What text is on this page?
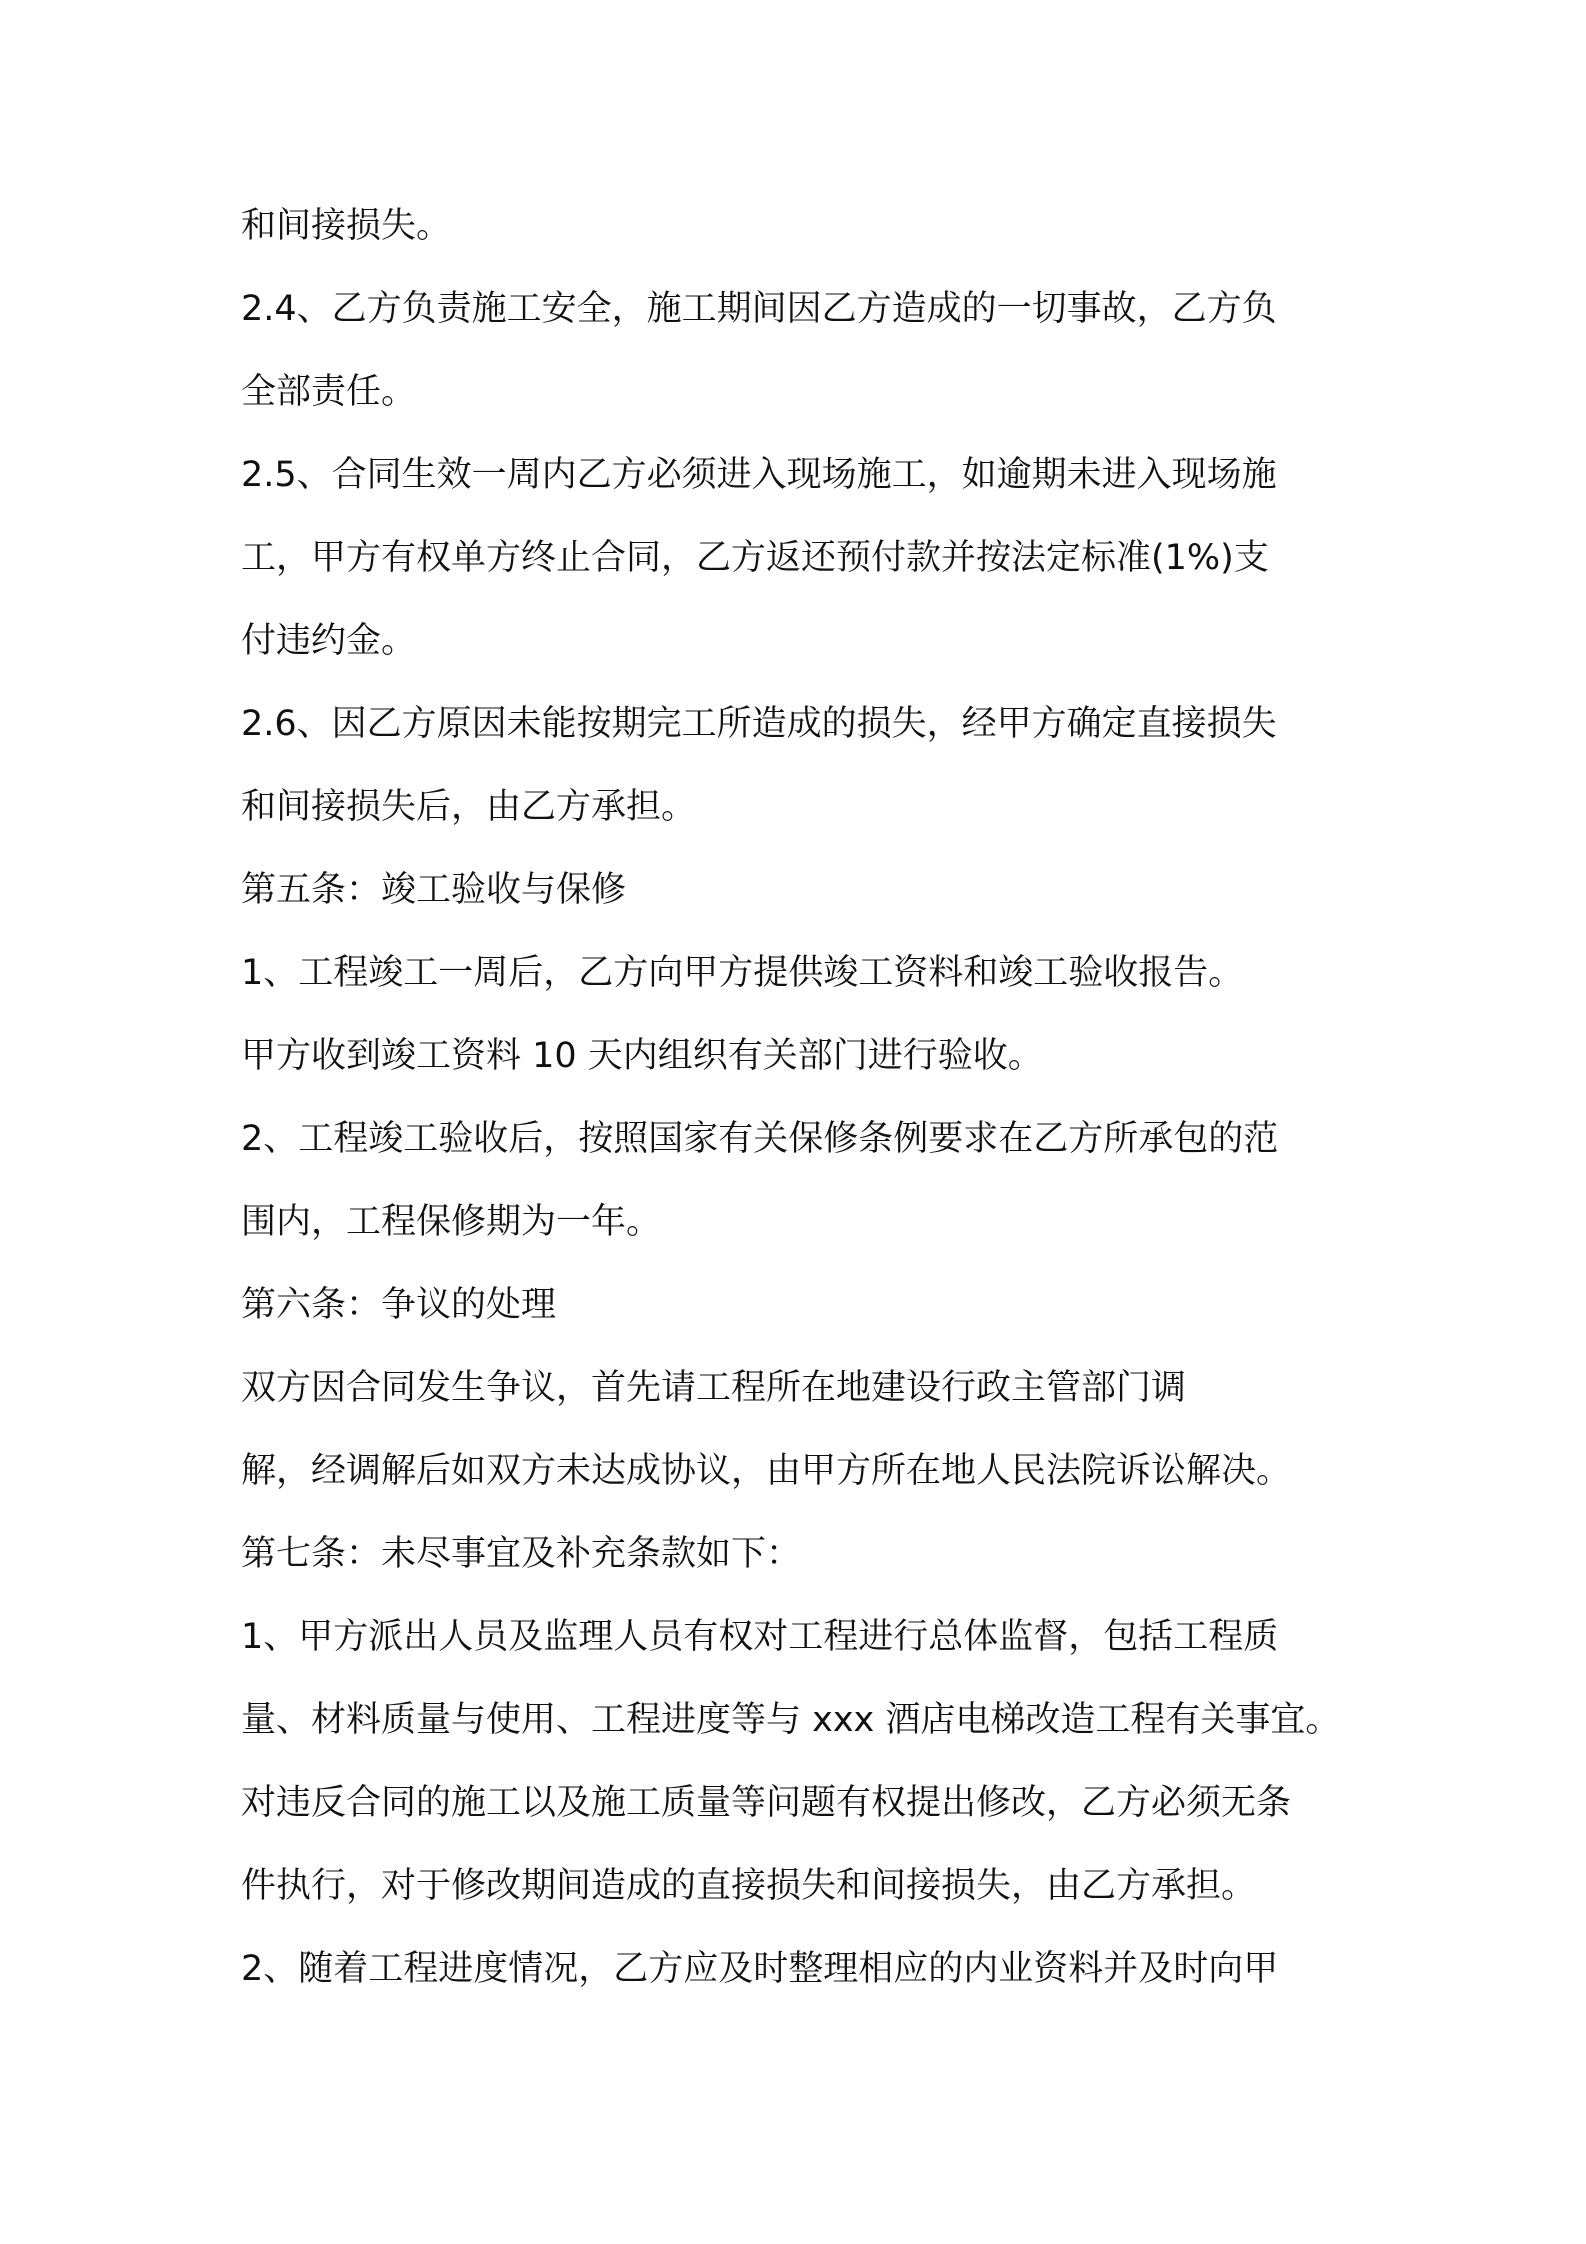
和间接损失。
2.4、乙方负责施工安全，施工期间因乙方造成的一切事故，乙方负
全部责任。
2.5、合同生效一周内乙方必须进入现场施工，如逾期未进入现场施
工，甲方有权单方终止合同，乙方返还预付款并按法定标准(1%)支
付违约金。
2.6、因乙方原因未能按期完工所造成的损失，经甲方确定直接损失
和间接损失后，由乙方承担。
第五条：竣工验收与保修
1、工程竣工一周后，乙方向甲方提供竣工资料和竣工验收报告。
甲方收到竣工资料 10 天内组织有关部门进行验收。
2、工程竣工验收后，按照国家有关保修条例要求在乙方所承包的范
围内，工程保修期为一年。
第六条：争议的处理
双方因合同发生争议，首先请工程所在地建设行政主管部门调
解，经调解后如双方未达成协议，由甲方所在地人民法院诉讼解决。
第七条：未尽事宜及补充条款如下：
1、甲方派出人员及监理人员有权对工程进行总体监督，包括工程质
量、材料质量与使用、工程进度等与 xxx 酒店电梯改造工程有关事宜。
对违反合同的施工以及施工质量等问题有权提出修改，乙方必须无条
件执行，对于修改期间造成的直接损失和间接损失，由乙方承担。
2、随着工程进度情况，乙方应及时整理相应的内业资料并及时向甲
